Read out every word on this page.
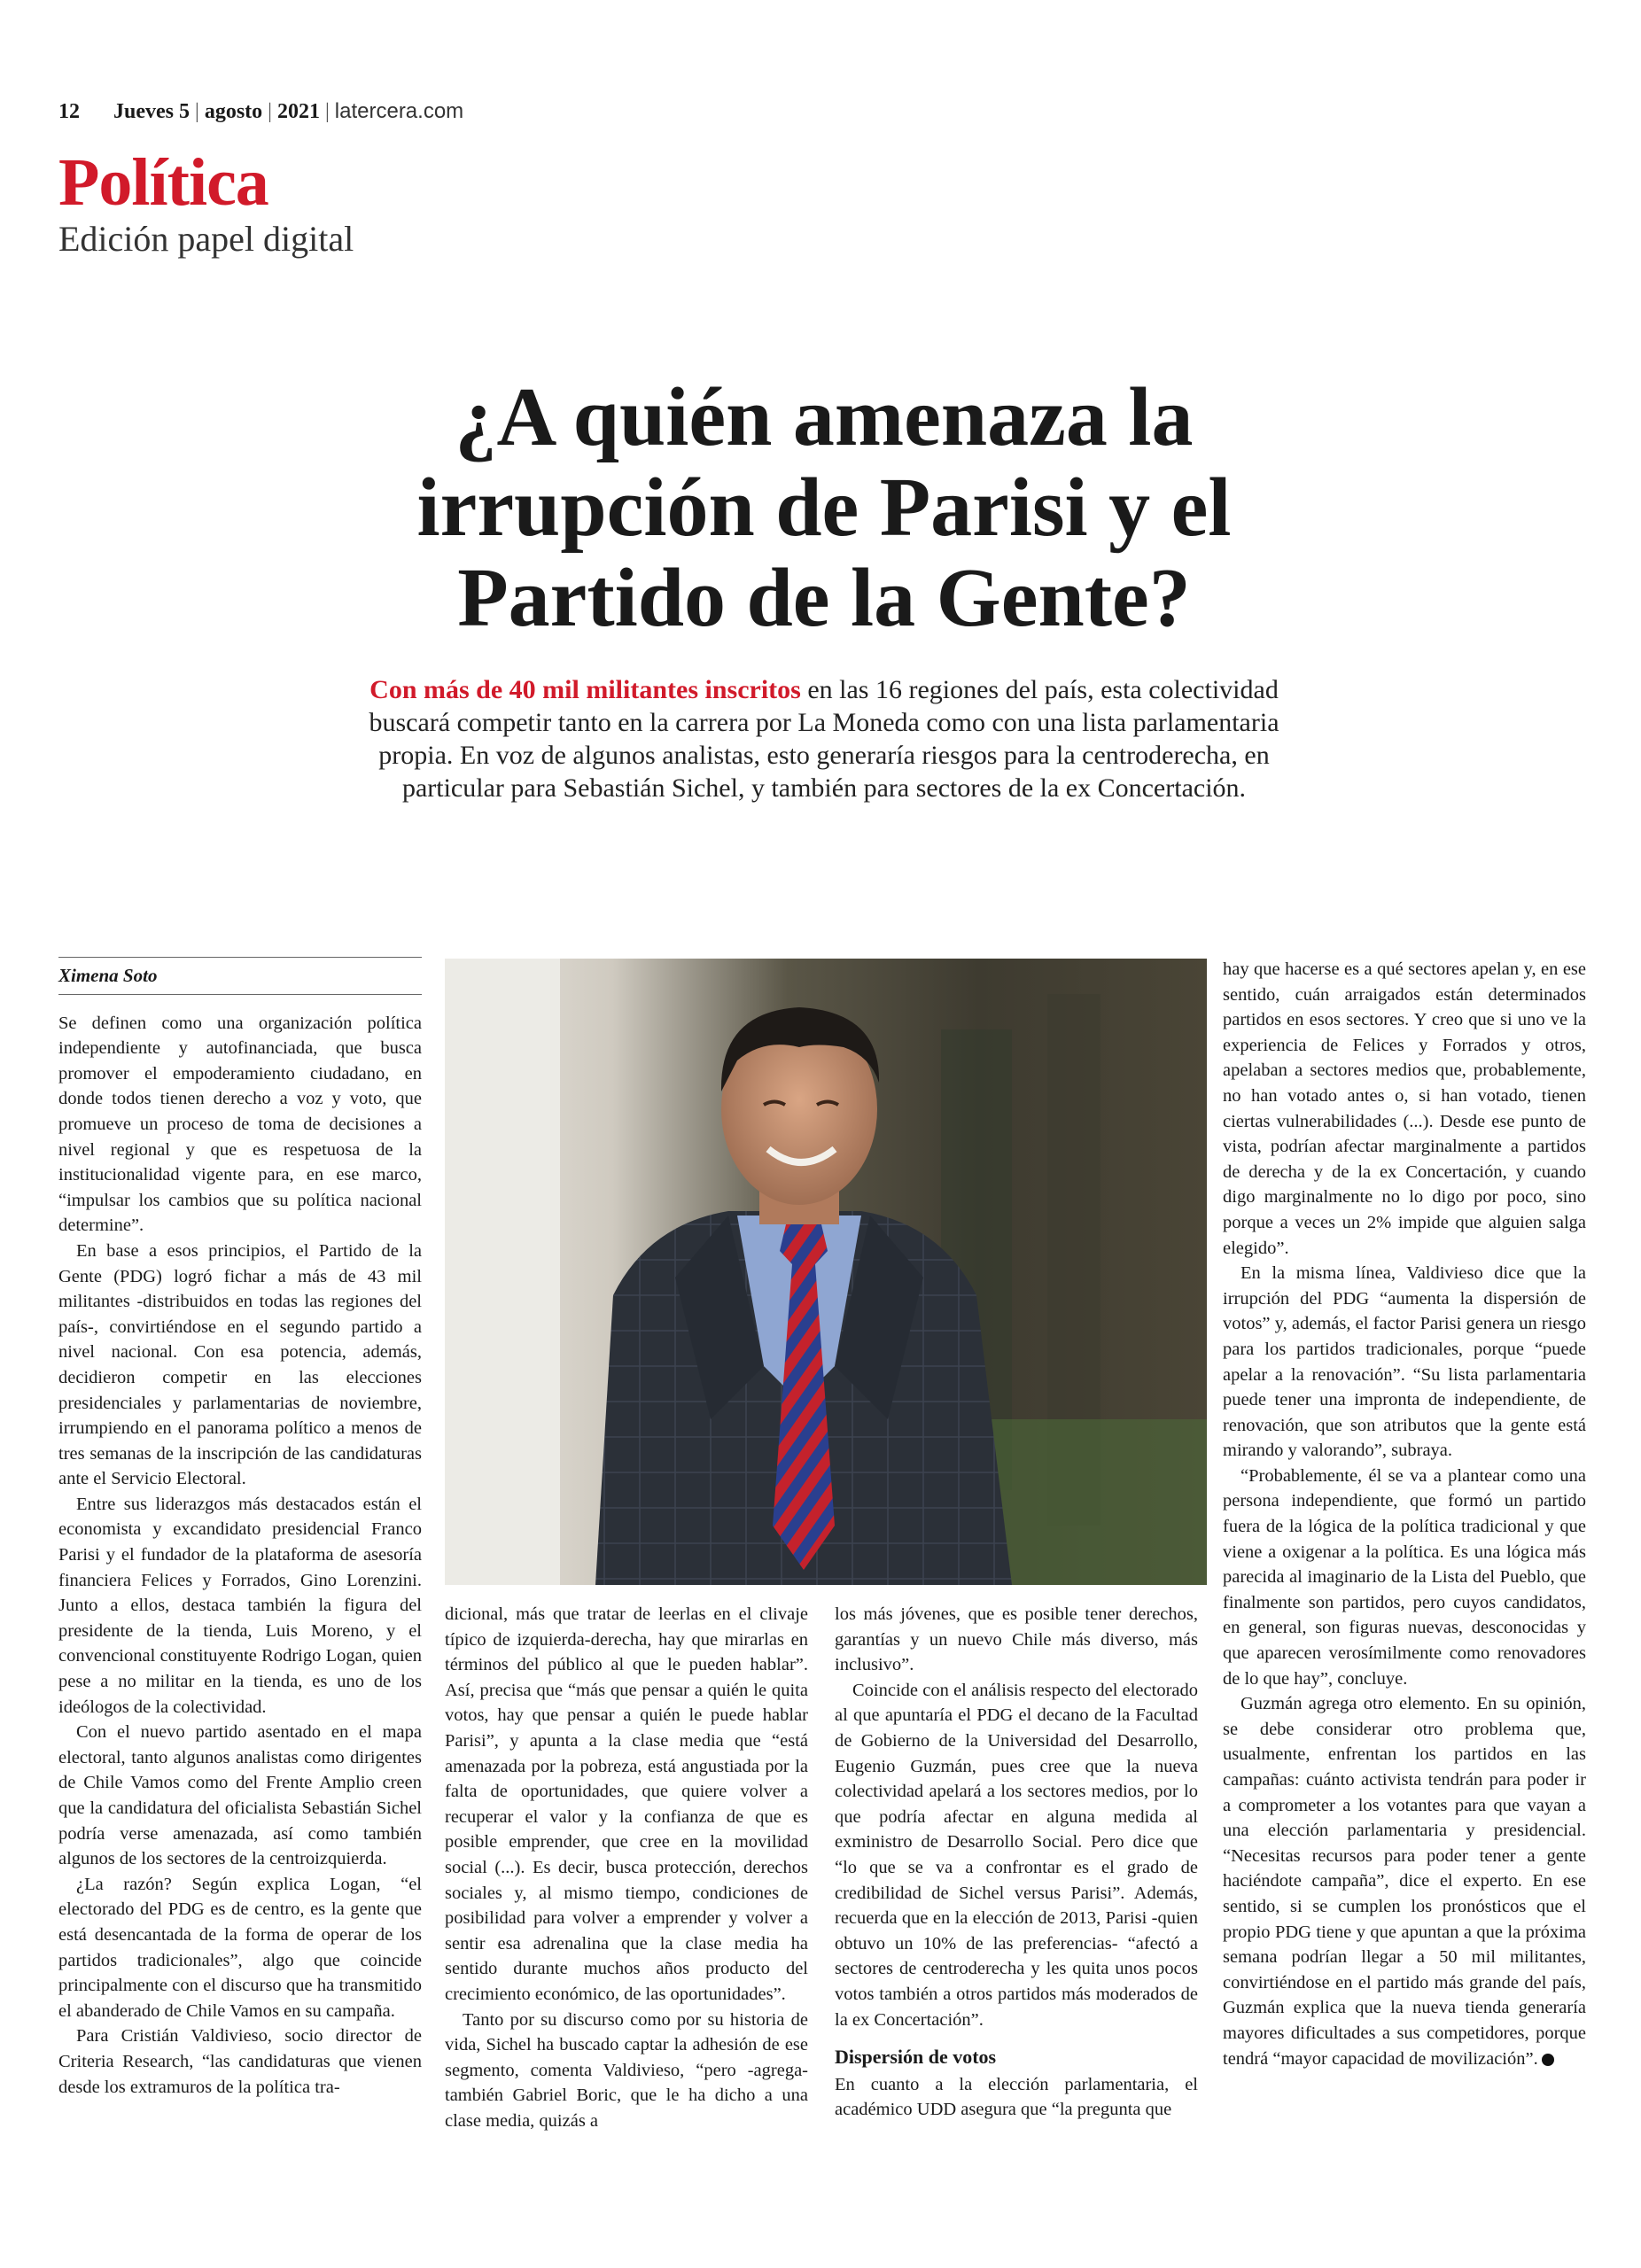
12 Jueves 5 | agosto | 2021 | latercera.com
Política
Edición papel digital
¿A quién amenaza la irrupción de Parisi y el Partido de la Gente?
Con más de 40 mil militantes inscritos en las 16 regiones del país, esta colectividad buscará competir tanto en la carrera por La Moneda como con una lista parlamentaria propia. En voz de algunos analistas, esto generaría riesgos para la centroderecha, en particular para Sebastián Sichel, y también para sectores de la ex Concertación.
Ximena Soto

Se definen como una organización política independiente y autofinanciada, que busca promover el empoderamiento ciudadano, en donde todos tienen derecho a voz y voto, que promueve un proceso de toma de decisiones a nivel regional y que es respetuosa de la institucionalidad vigente para, en ese marco, “impulsar los cambios que su política nacional determine”.

En base a esos principios, el Partido de la Gente (PDG) logró fichar a más de 43 mil militantes -distribuidos en todas las regiones del país-, convirtiéndose en el segundo partido a nivel nacional. Con esa potencia, además, decidieron competir en las elecciones presidenciales y parlamentarias de noviembre, irrumpiendo en el panorama político a menos de tres semanas de la inscripción de las candidaturas ante el Servicio Electoral.

Entre sus liderazgos más destacados están el economista y excandidato presidencial Franco Parisi y el fundador de la plataforma de asesoría financiera Felices y Forrados, Gino Lorenzini. Junto a ellos, destaca también la figura del presidente de la tienda, Luis Moreno, y el convencional constituyente Rodrigo Logan, quien pese a no militar en la tienda, es uno de los ideólogos de la colectividad.

Con el nuevo partido asentado en el mapa electoral, tanto algunos analistas como dirigentes de Chile Vamos como del Frente Amplio creen que la candidatura del oficialista Sebastián Sichel podría verse amenazada, así como también algunos de los sectores de la centroizquierda.

¿La razón? Según explica Logan, “el electorado del PDG es de centro, es la gente que está desencantada de la forma de operar de los partidos tradicionales”, algo que coincide principalmente con el discurso que ha transmitido el abanderado de Chile Vamos en su campaña.

Para Cristián Valdivieso, socio director de Criteria Research, “las candidaturas que vienen desde los extramuros de la política tra-

dicional, más que tratar de leerlas en el clivaje típico de izquierda-derecha, hay que mirarlas en términos del público al que le pueden hablar”. Así, precisa que “más que pensar a quién le quita votos, hay que pensar a quién le puede hablar Parisi”, y apunta a la clase media que “está amenazada por la pobreza, está angustiada por la falta de oportunidades, que quiere volver a recuperar el valor y la confianza de que es posible emprender, que cree en la movilidad social (...). Es decir, busca protección, derechos sociales y, al mismo tiempo, condiciones de posibilidad para volver a emprender y volver a sentir esa adrenalina que la clase media ha sentido durante muchos años producto del crecimiento económico, de las oportunidades”.

Tanto por su discurso como por su historia de vida, Sichel ha buscado captar la adhesión de ese segmento, comenta Valdivieso, “pero -agrega- también Gabriel Boric, que le ha dicho a una clase media, quizás a

los más jóvenes, que es posible tener derechos, garantías y un nuevo Chile más diverso, más inclusivo”.

Coincide con el análisis respecto del electorado al que apuntaría el PDG el decano de la Facultad de Gobierno de la Universidad del Desarrollo, Eugenio Guzmán, pues cree que la nueva colectividad apelará a los sectores medios, por lo que podría afectar en alguna medida al exministro de Desarrollo Social. Pero dice que “lo que se va a confrontar es el grado de credibilidad de Sichel versus Parisi”. Además, recuerda que en la elección de 2013, Parisi -quien obtuvo un 10% de las preferencias- “afectó a sectores de centroderecha y les quita unos pocos votos también a otros partidos más moderados de la ex Concertación”.

Dispersión de votos

En cuanto a la elección parlamentaria, el académico UDD asegura que “la pregunta que

hay que hacerse es a qué sectores apelan y, en ese sentido, cuán arraigados están determinados partidos en esos sectores. Y creo que si uno ve la experiencia de Felices y Forrados y otros, apelaban a sectores medios que, probablemente, no han votado antes o, si han votado, tienen ciertas vulnerabilidades (...). Desde ese punto de vista, podrían afectar marginalmente a partidos de derecha y de la ex Concertación, y cuando digo marginalmente no lo digo por poco, sino porque a veces un 2% impide que alguien salga elegido”.

En la misma línea, Valdivieso dice que la irrupción del PDG “aumenta la dispersión de votos” y, además, el factor Parisi genera un riesgo para los partidos tradicionales, porque “puede apelar a la renovación”. “Su lista parlamentaria puede tener una impronta de independiente, de renovación, que son atributos que la gente está mirando y valorando”, subraya.

“Probablemente, él se va a plantear como una persona independiente, que formó un partido fuera de la lógica de la política tradicional y que viene a oxigenar a la política. Es una lógica más parecida al imaginario de la Lista del Pueblo, que finalmente son partidos, pero cuyos candidatos, en general, son figuras nuevas, desconocidas y que aparecen verosímilmente como renovadores de lo que hay”, concluye.

Guzmán agrega otro elemento. En su opinión, se debe considerar otro problema que, usualmente, enfrentan los partidos en las campañas: cuánto activista tendrán para poder ir a comprometer a los votantes para que vayan a una elección parlamentaria y presidencial. “Necesitas recursos para poder tener a gente haciéndote campaña”, dice el experto. En ese sentido, si se cumplen los pronósticos que el propio PDG tiene y que apuntan a que la próxima semana podrían llegar a 50 mil militantes, convirtiéndose en el partido más grande del país, Guzmán explica que la nueva tienda generaría mayores dificultades a sus competidores, porque tendrá “mayor capacidad de movilización”.
